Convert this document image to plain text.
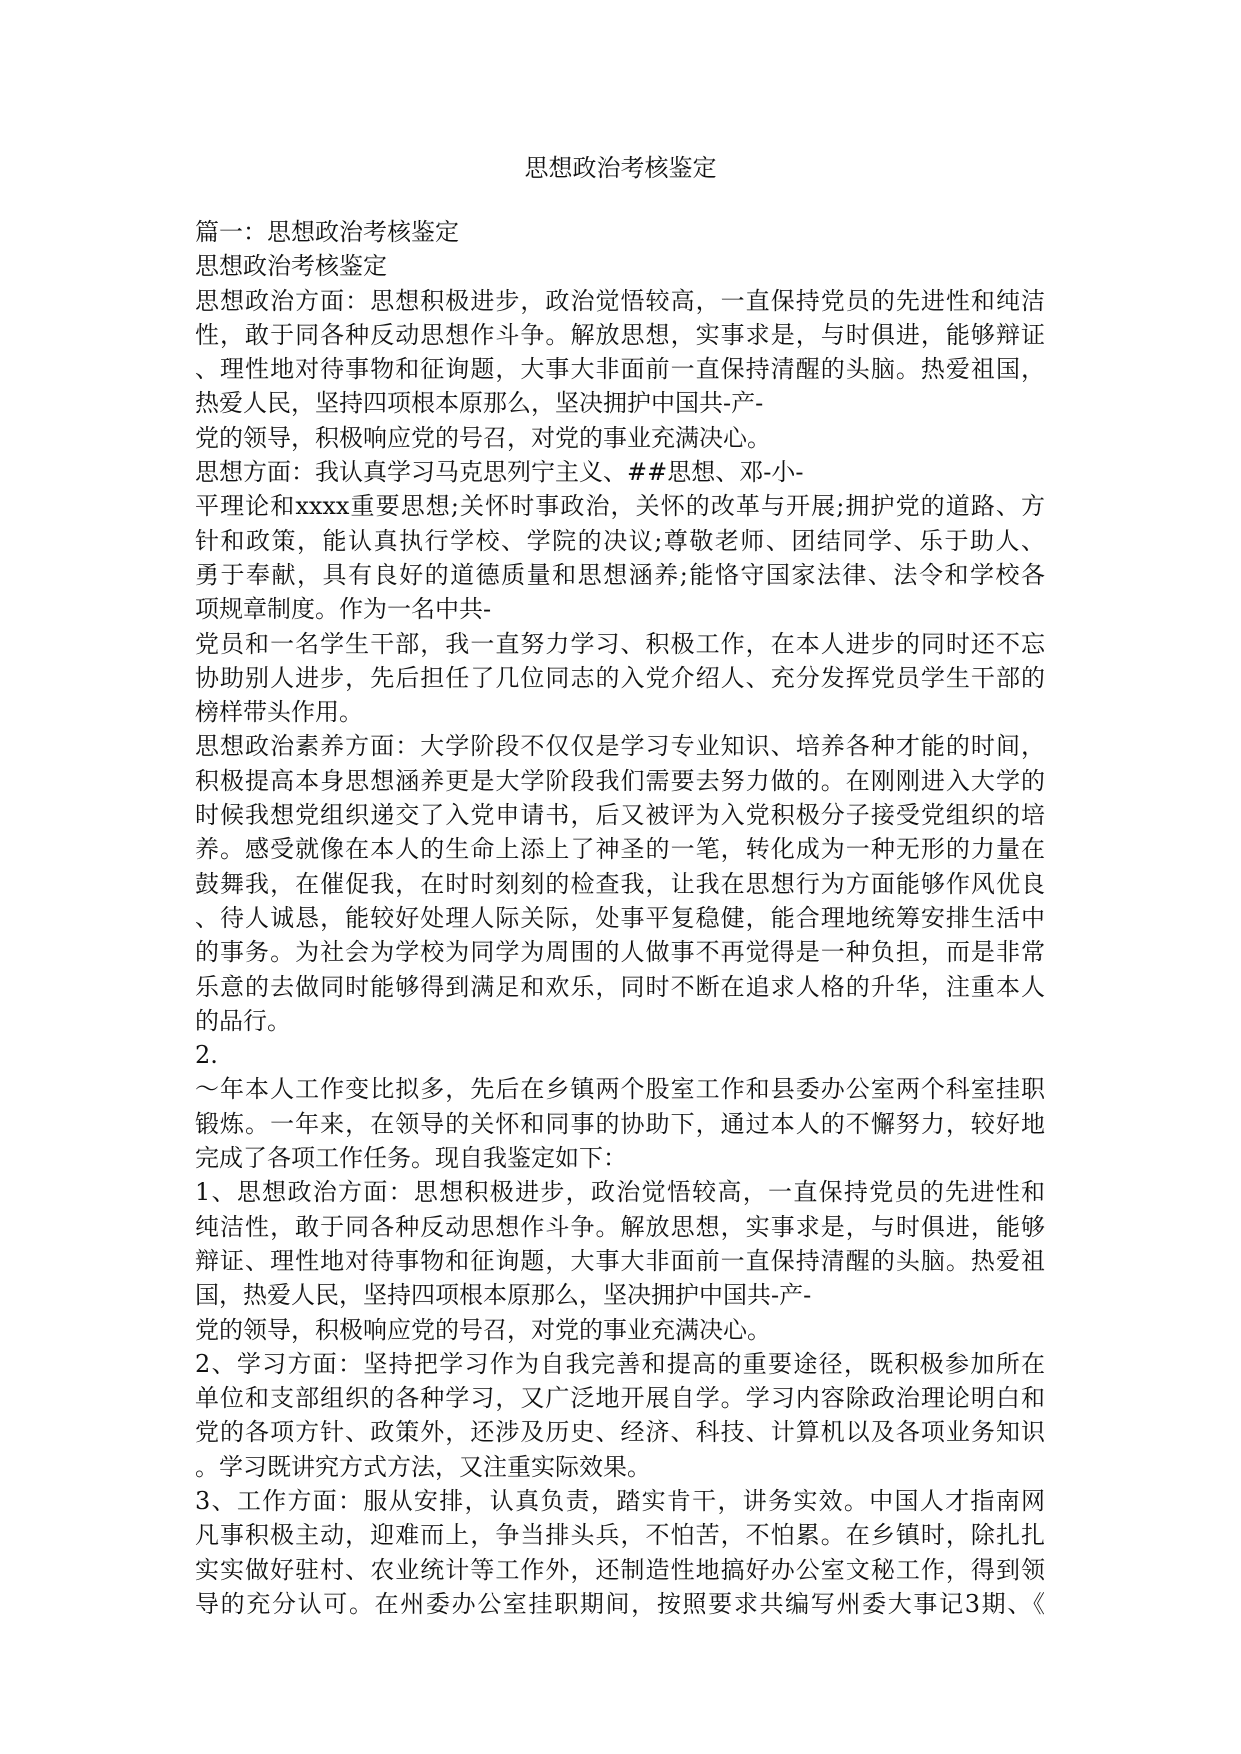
思想政治考核鉴定
篇一：思想政治考核鉴定
思想政治考核鉴定
思想政治方面：思想积极进步，政治觉悟较高，一直保持党员的先进性和纯洁
性，敢于同各种反动思想作斗争。解放思想，实事求是，与时俱进，能够辩证
、理性地对待事物和征询题，大事大非面前一直保持清醒的头脑。热爱祖国，
热爱人民，坚持四项根本原那么，坚决拥护中国共-产-
党的领导，积极响应党的号召，对党的事业充满决心。
思想方面：我认真学习马克思列宁主义、##思想、邓-小-
平理论和xxxx重要思想;关怀时事政治，关怀的改革与开展;拥护党的道路、方
针和政策，能认真执行学校、学院的决议;尊敬老师、团结同学、乐于助人、
勇于奉献，具有良好的道德质量和思想涵养;能恪守国家法律、法令和学校各
项规章制度。作为一名中共-
党员和一名学生干部，我一直努力学习、积极工作，在本人进步的同时还不忘
协助别人进步，先后担任了几位同志的入党介绍人、充分发挥党员学生干部的
榜样带头作用。
思想政治素养方面：大学阶段不仅仅是学习专业知识、培养各种才能的时间，
积极提高本身思想涵养更是大学阶段我们需要去努力做的。在刚刚进入大学的
时候我想党组织递交了入党申请书，后又被评为入党积极分子接受党组织的培
养。感受就像在本人的生命上添上了神圣的一笔，转化成为一种无形的力量在
鼓舞我，在催促我，在时时刻刻的检查我，让我在思想行为方面能够作风优良
、待人诚恳，能较好处理人际关际，处事平复稳健，能合理地统筹安排生活中
的事务。为社会为学校为同学为周围的人做事不再觉得是一种负担，而是非常
乐意的去做同时能够得到满足和欢乐，同时不断在追求人格的升华，注重本人
的品行。
2.
～年本人工作变比拟多，先后在乡镇两个股室工作和县委办公室两个科室挂职
锻炼。一年来，在领导的关怀和同事的协助下，通过本人的不懈努力，较好地
完成了各项工作任务。现自我鉴定如下：
1、思想政治方面：思想积极进步，政治觉悟较高，一直保持党员的先进性和
纯洁性，敢于同各种反动思想作斗争。解放思想，实事求是，与时俱进，能够
辩证、理性地对待事物和征询题，大事大非面前一直保持清醒的头脑。热爱祖
国，热爱人民，坚持四项根本原那么，坚决拥护中国共-产-
党的领导，积极响应党的号召，对党的事业充满决心。
2、学习方面：坚持把学习作为自我完善和提高的重要途径，既积极参加所在
单位和支部组织的各种学习，又广泛地开展自学。学习内容除政治理论明白和
党的各项方针、政策外，还涉及历史、经济、科技、计算机以及各项业务知识
。学习既讲究方式方法，又注重实际效果。
3、工作方面：服从安排，认真负责，踏实肯干，讲务实效。中国人才指南网
凡事积极主动，迎难而上，争当排头兵，不怕苦，不怕累。在乡镇时，除扎扎
实实做好驻村、农业统计等工作外，还制造性地搞好办公室文秘工作，得到领
导的充分认可。在州委办公室挂职期间，按照要求共编写州委大事记3期、《
